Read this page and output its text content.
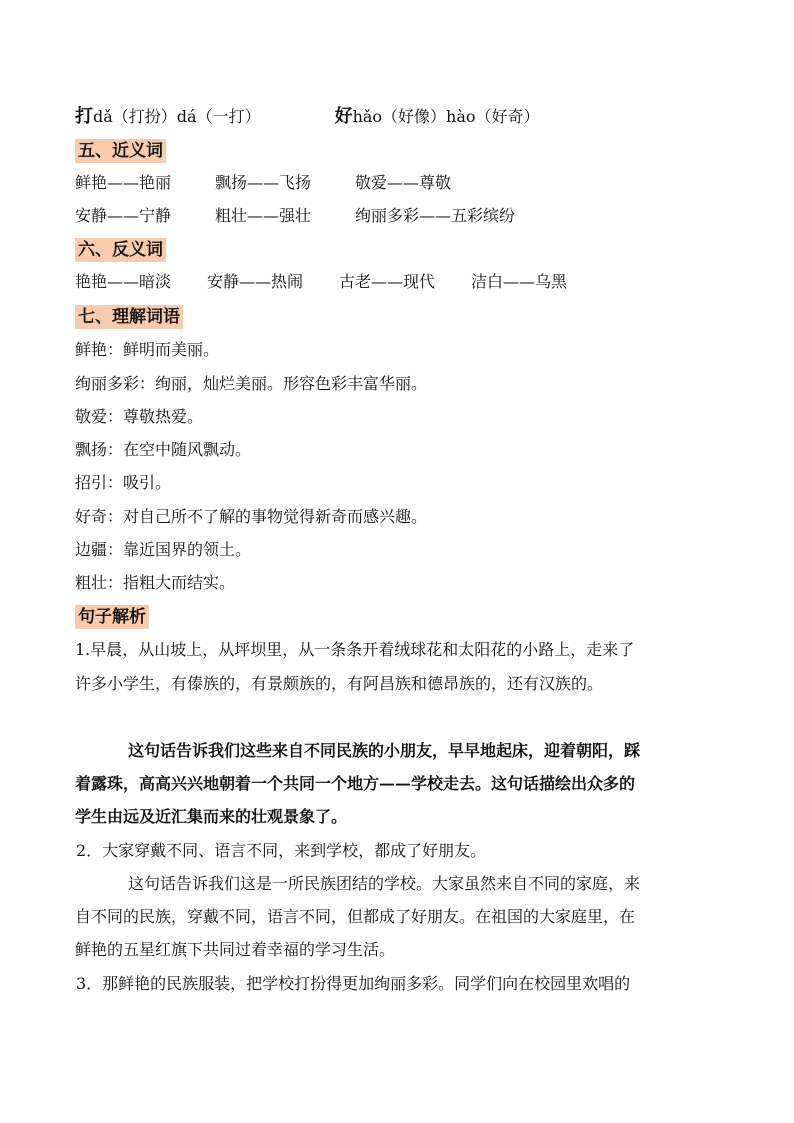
打dǎ（打扮）dá（一打）	好hǎo（好像）hào（好奇）
五、近义词
鲜艳——艳丽	飘扬——飞扬	敬爱——尊敬
安静——宁静	粗壮——强壮	绚丽多彩——五彩缤纷
六、反义词
艳艳——暗淡 安静——热闹 古老——现代 洁白——乌黑
七、理解词语
鲜艳：鲜明而美丽。
绚丽多彩：绚丽，灿烂美丽。形容色彩丰富华丽。
敬爱：尊敬热爱。
飘扬：在空中随风飘动。
招引：吸引。
好奇：对自己所不了解的事物觉得新奇而感兴趣。
边疆：靠近国界的领土。
粗壮：指粗大而结实。
句子解析
1.早晨，从山坡上，从坪坝里，从一条条开着绒球花和太阳花的小路上，走来了
许多小学生，有傣族的，有景颇族的，有阿昌族和德昂族的，还有汉族的。
这句话告诉我们这些来自不同民族的小朋友，早早地起床，迎着朝阳，踩
着露珠，高高兴兴地朝着一个共同一个地方——学校走去。这句话描绘出众多的
学生由远及近汇集而来的壮观景象了。
2．大家穿戴不同、语言不同，来到学校，都成了好朋友。
这句话告诉我们这是一所民族团结的学校。大家虽然来自不同的家庭，来
自不同的民族，穿戴不同，语言不同，但都成了好朋友。在祖国的大家庭里，在
鲜艳的五星红旗下共同过着幸福的学习生活。
3．那鲜艳的民族服装，把学校打扮得更加绚丽多彩。同学们向在校园里欢唱的
